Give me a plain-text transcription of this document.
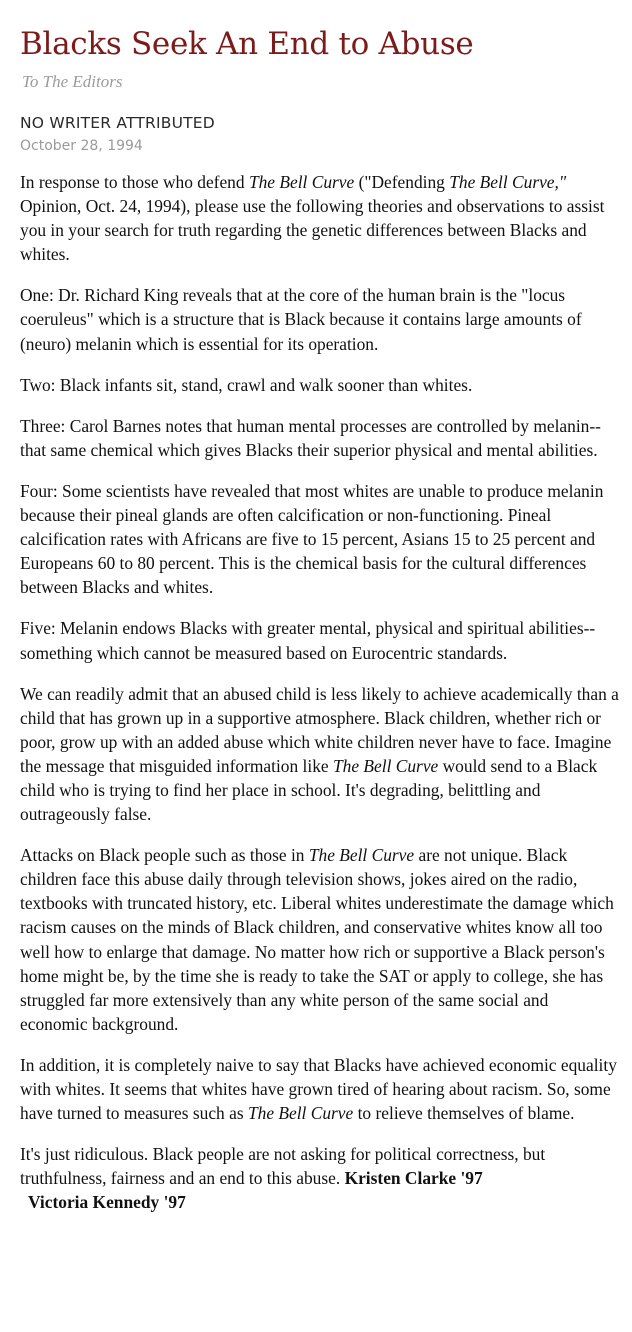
Blacks Seek An End to Abuse
To The Editors
NO WRITER ATTRIBUTED
October 28, 1994

In response to those who defend The Bell Curve ("Defending The Bell Curve," Opinion, Oct. 24, 1994), please use the following theories and observations to assist you in your search for truth regarding the genetic differences between Blacks and whites.

One: Dr. Richard King reveals that at the core of the human brain is the "locus coeruleus" which is a structure that is Black because it contains large amounts of (neuro) melanin which is essential for its operation.

Two: Black infants sit, stand, crawl and walk sooner than whites.

Three: Carol Barnes notes that human mental processes are controlled by melanin--that same chemical which gives Blacks their superior physical and mental abilities.

Four: Some scientists have revealed that most whites are unable to produce melanin because their pineal glands are often calcification or non-functioning. Pineal calcification rates with Africans are five to 15 percent, Asians 15 to 25 percent and Europeans 60 to 80 percent. This is the chemical basis for the cultural differences between Blacks and whites.

Five: Melanin endows Blacks with greater mental, physical and spiritual abilities--something which cannot be measured based on Eurocentric standards.

We can readily admit that an abused child is less likely to achieve academically than a child that has grown up in a supportive atmosphere. Black children, whether rich or poor, grow up with an added abuse which white children never have to face. Imagine the message that misguided information like The Bell Curve would send to a Black child who is trying to find her place in school. It's degrading, belittling and outrageously false.

Attacks on Black people such as those in The Bell Curve are not unique. Black children face this abuse daily through television shows, jokes aired on the radio, textbooks with truncated history, etc. Liberal whites underestimate the damage which racism causes on the minds of Black children, and conservative whites know all too well how to enlarge that damage. No matter how rich or supportive a Black person's home might be, by the time she is ready to take the SAT or apply to college, she has struggled far more extensively than any white person of the same social and economic background.

In addition, it is completely naive to say that Blacks have achieved economic equality with whites. It seems that whites have grown tired of hearing about racism. So, some have turned to measures such as The Bell Curve to relieve themselves of blame.

It's just ridiculous. Black people are not asking for political correctness, but truthfulness, fairness and an end to this abuse. Kristen Clarke '97
Victoria Kennedy '97
